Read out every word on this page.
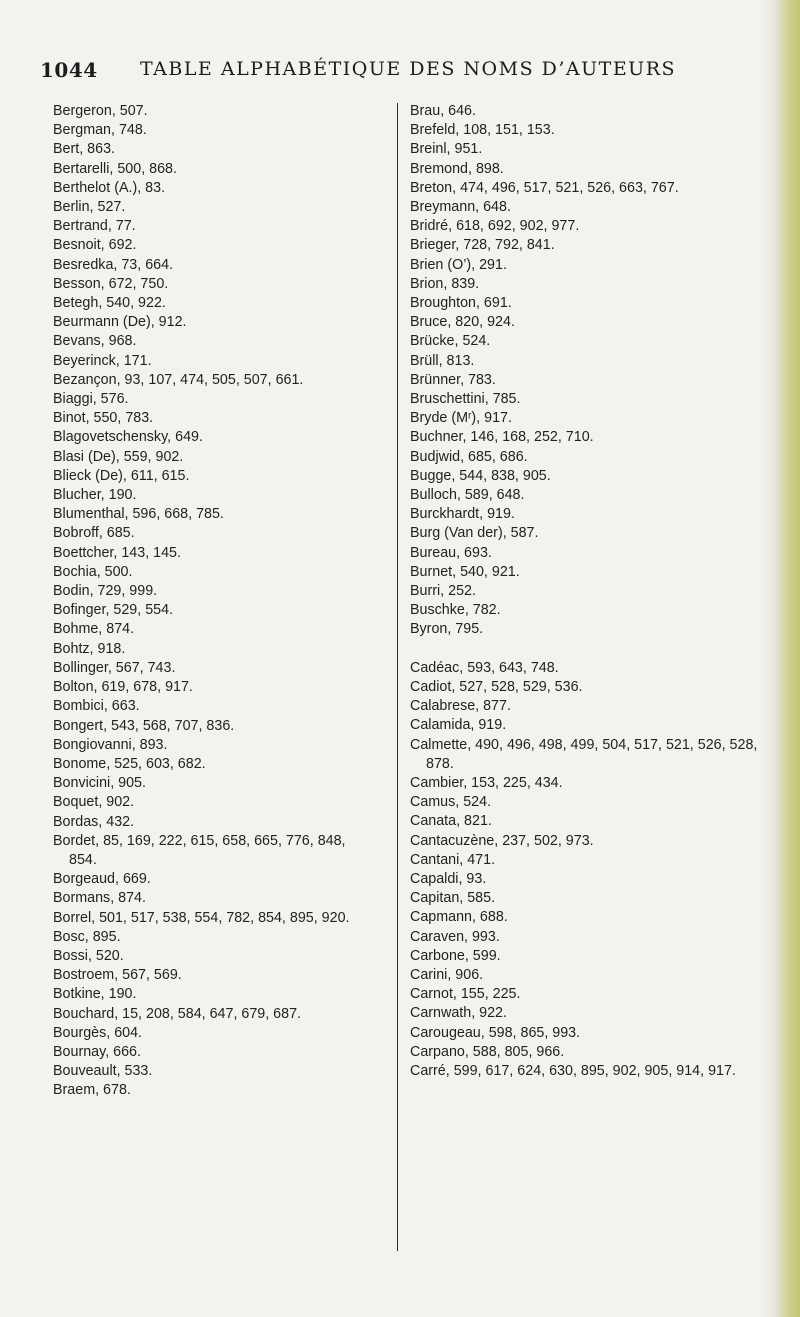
1044 TABLE ALPHABÉTIQUE DES NOMS D’AUTEURS
Bergeron, 507.
Bergman, 748.
Bert, 863.
Bertarelli, 500, 868.
Berthelot (A.), 83.
Berlin, 527.
Bertrand, 77.
Besnoit, 692.
Besredka, 73, 664.
Besson, 672, 750.
Betegh, 540, 922.
Beurmann (De), 912.
Bevans, 968.
Beyerinck, 171.
Bezançon, 93, 107, 474, 505, 507, 661.
Biaggi, 576.
Binot, 550, 783.
Blagovetschensky, 649.
Blasi (De), 559, 902.
Blieck (De), 611, 615.
Blucher, 190.
Blumenthal, 596, 668, 785.
Bobroff, 685.
Boettcher, 143, 145.
Bochia, 500.
Bodin, 729, 999.
Bofinger, 529, 554.
Bohme, 874.
Bohtz, 918.
Bollinger, 567, 743.
Bolton, 619, 678, 917.
Bombici, 663.
Bongert, 543, 568, 707, 836.
Bongiovanni, 893.
Bonome, 525, 603, 682.
Bonvicini, 905.
Boquet, 902.
Bordas, 432.
Bordet, 85, 169, 222, 615, 658, 665, 776, 848, 854.
Borgeaud, 669.
Bormans, 874.
Borrel, 501, 517, 538, 554, 782, 854, 895, 920.
Bosc, 895.
Bossi, 520.
Bostroem, 567, 569.
Botkine, 190.
Bouchard, 15, 208, 584, 647, 679, 687.
Bourgès, 604.
Bournay, 666.
Bouveault, 533.
Braem, 678.
Brau, 646.
Brefeld, 108, 151, 153.
Breinl, 951.
Bremond, 898.
Breton, 474, 496, 517, 521, 526, 663, 767.
Breymann, 648.
Bridré, 618, 692, 902, 977.
Brieger, 728, 792, 841.
Brien (O’), 291.
Brion, 839.
Broughton, 691.
Bruce, 820, 924.
Brücke, 524.
Brüll, 813.
Brünner, 783.
Bruschettini, 785.
Bryde (Mʳ), 917.
Buchner, 146, 168, 252, 710.
Budjwid, 685, 686.
Bugge, 544, 838, 905.
Bulloch, 589, 648.
Burckhardt, 919.
Burg (Van der), 587.
Bureau, 693.
Burnet, 540, 921.
Burri, 252.
Buschke, 782.
Byron, 795.
Cadéac, 593, 643, 748.
Cadiot, 527, 528, 529, 536.
Calabrese, 877.
Calamida, 919.
Calmette, 490, 496, 498, 499, 504, 517, 521, 526, 528, 878.
Cambier, 153, 225, 434.
Camus, 524.
Canata, 821.
Cantacuzène, 237, 502, 973.
Cantani, 471.
Capaldi, 93.
Capitan, 585.
Capmann, 688.
Caraven, 993.
Carbone, 599.
Carini, 906.
Carnot, 155, 225.
Carnwath, 922.
Carougeau, 598, 865, 993.
Carpano, 588, 805, 966.
Carré, 599, 617, 624, 630, 895, 902, 905, 914, 917.
